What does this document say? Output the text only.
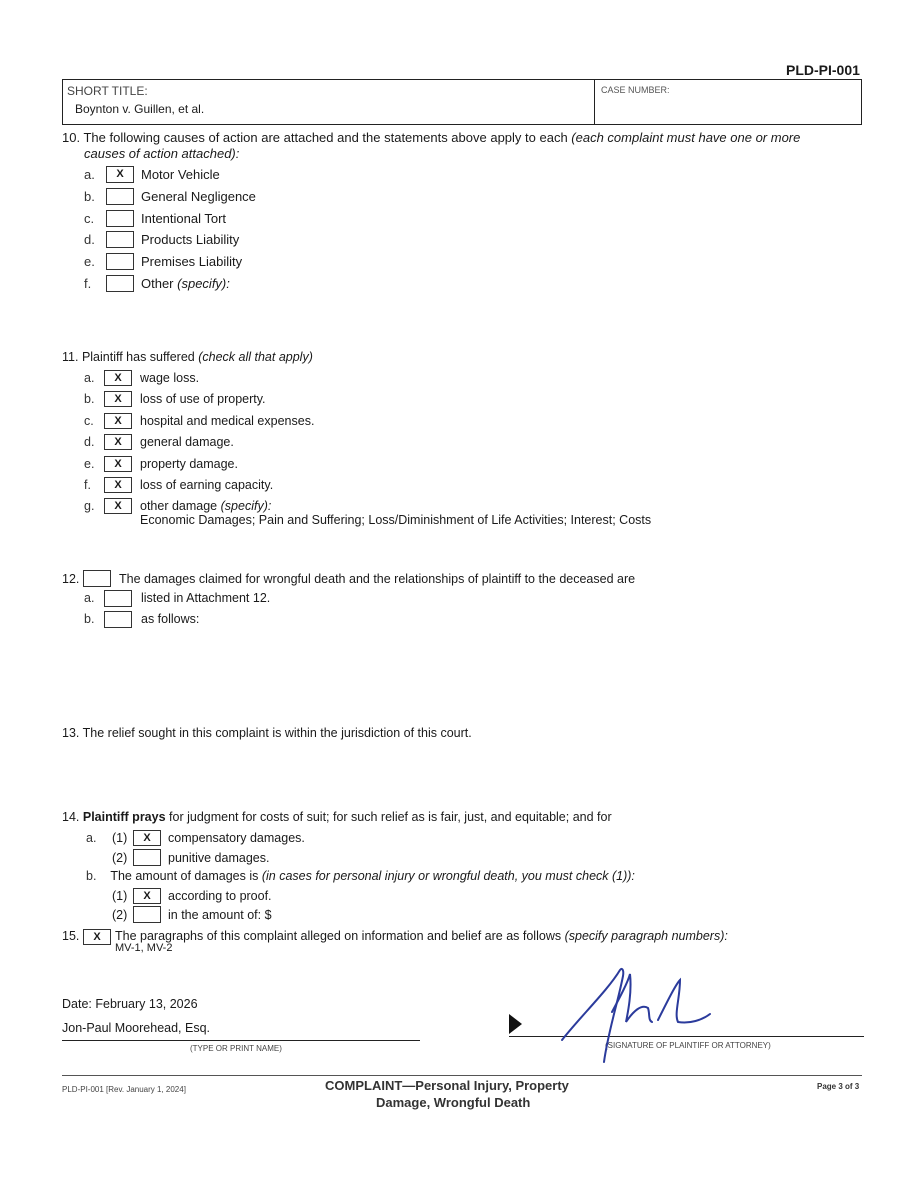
PLD-PI-001
SHORT TITLE:
Boynton v. Guillen, et al.
CASE NUMBER:
10. The following causes of action are attached and the statements above apply to each (each complaint must have one or more
causes of action attached):
a.	X	Motor Vehicle
b.	General Negligence
c.	Intentional Tort
d.	Products Liability
e.	Premises Liability
f.	Other (specify):
11. Plaintiff has suffered (check all that apply)
a.	X	wage loss.
b.	X	loss of use of property.
c.	X	hospital and medical expenses.
d.	X	general damage.
e.	X	property damage.
f.	X	loss of earning capacity.
g.	X	other damage (specify):
Economic Damages; Pain and Suffering; Loss/Diminishment of Life Activities; Interest; Costs
12.	The damages claimed for wrongful death and the relationships of plaintiff to the deceased are
a.	listed in Attachment 12.
b.	as follows:
13. The relief sought in this complaint is within the jurisdiction of this court.
14. Plaintiff prays for judgment for costs of suit; for such relief as is fair, just, and equitable; and for
a. (1)	X	compensatory damages.
(2)	punitive damages.
b. The amount of damages is (in cases for personal injury or wrongful death, you must check (1)):
(1)	X	according to proof.
(2)	in the amount of: $
15.	X	The paragraphs of this complaint alleged on information and belief are as follows (specify paragraph numbers):
MV-1, MV-2
Date: February 13, 2026
Jon-Paul Moorehead, Esq.
(TYPE OR PRINT NAME)	(SIGNATURE OF PLAINTIFF OR ATTORNEY)
PLD-PI-001 [Rev. January 1, 2024]	COMPLAINT—Personal Injury, Property
Damage, Wrongful Death
Page 3 of 3
